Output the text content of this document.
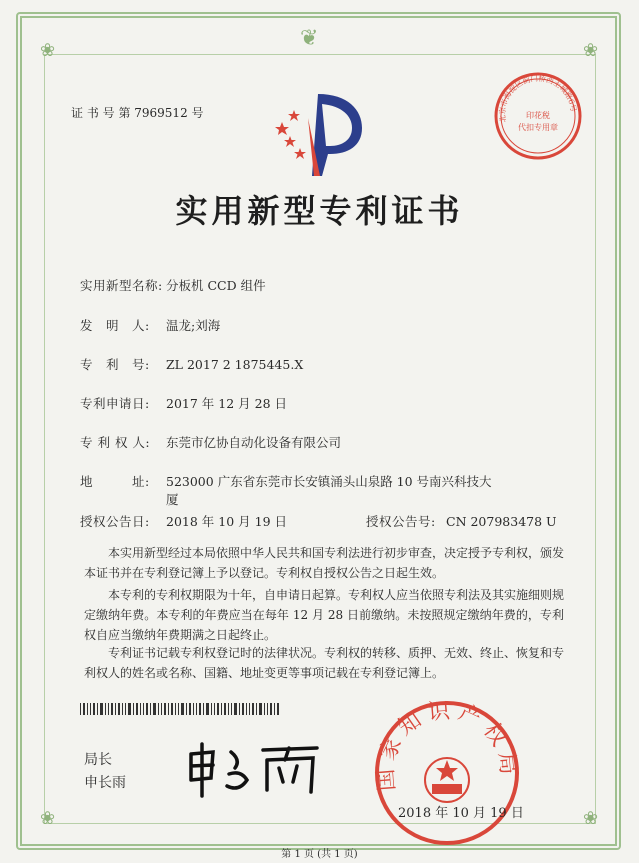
❀	❀
❀	❀
❦
证 书 号 第 7969512 号	北京市海淀区蓟门桥西土城路6号
印花税
代扣专用章
实用新型专利证书
实用新型名称: 分板机 CCD 组件
发　明　人: 温龙;刘海
专　利　号: ZL 2017 2 1875445.X
专利申请日: 2017 年 12 月 28 日
专 利 权 人: 东莞市亿协自动化设备有限公司
地　　　址: 523000 广东省东莞市长安镇涌头山泉路 10 号南兴科技大
厦
授权公告日: 2018 年 10 月 19 日	授权公告号: CN 207983478 U
本实用新型经过本局依照中华人民共和国专利法进行初步审查，决定授予专利权，颁发本证书并在专利登记簿上予以登记。专利权自授权公告之日起生效。
本专利的专利权期限为十年，自申请日起算。专利权人应当依照专利法及其实施细则规定缴纳年费。本专利的年费应当在每年 12 月 28 日前缴纳。未按照规定缴纳年费的，专利权自应当缴纳年费期满之日起终止。
专利证书记载专利权登记时的法律状况。专利权的转移、质押、无效、终止、恢复和专利权人的姓名或名称、国籍、地址变更等事项记载在专利登记簿上。
局长
申长雨	国家知识产权局
2018 年 10 月 19 日
第 1 页 (共 1 页)
